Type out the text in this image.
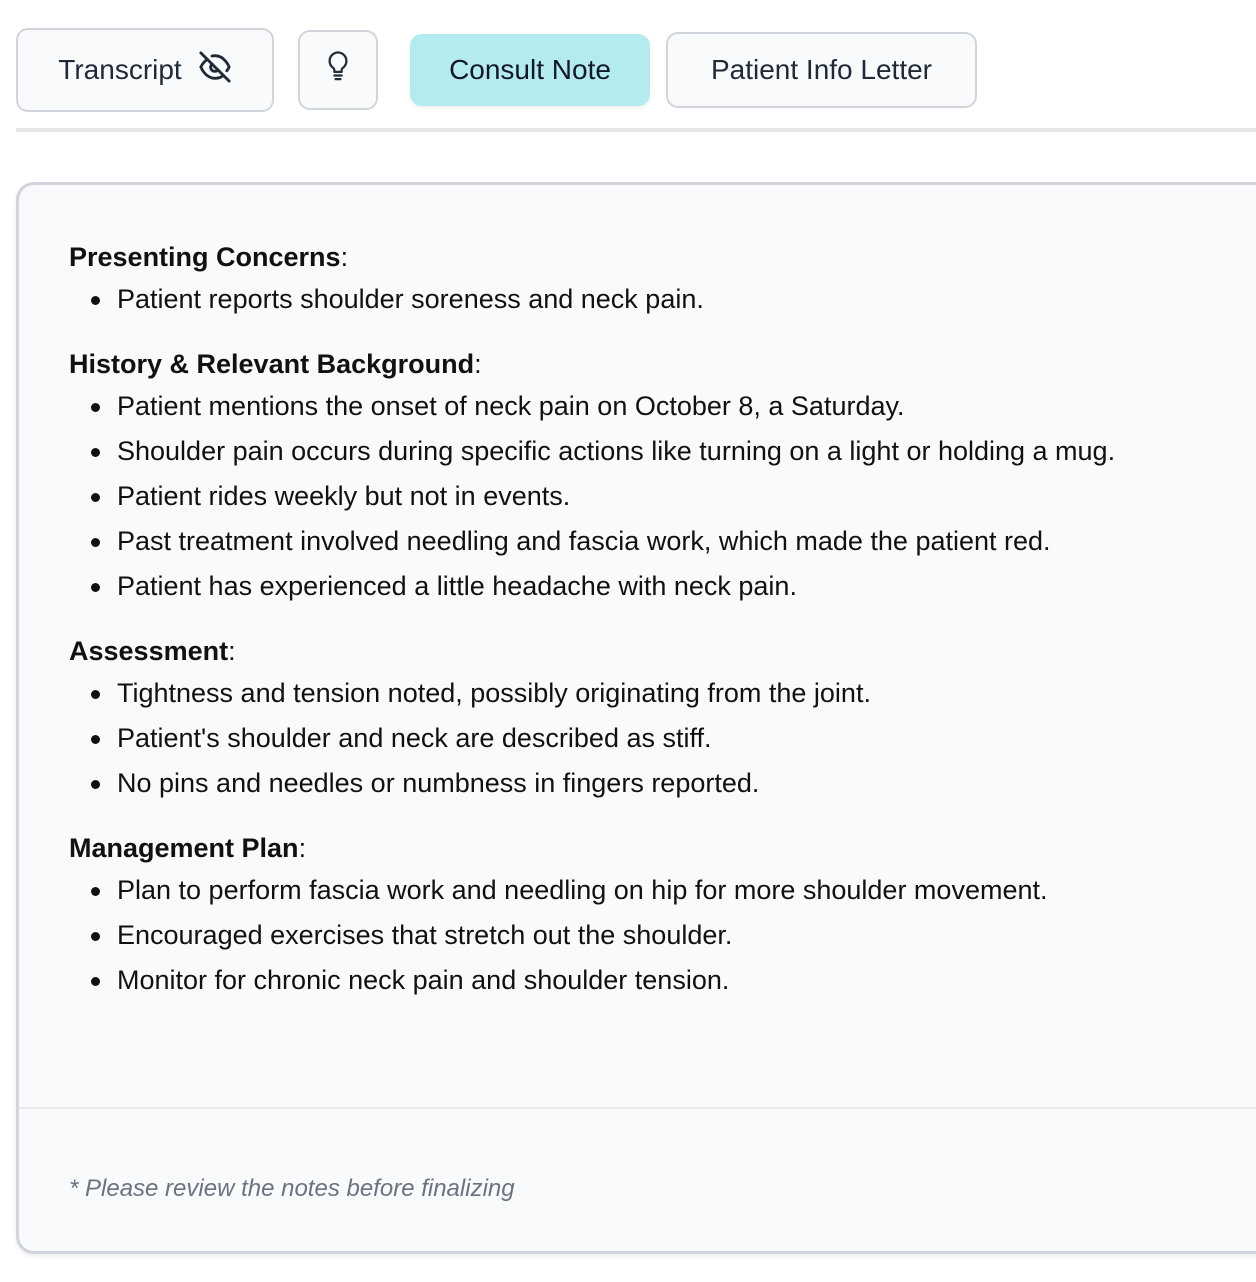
Transcript	Consult Note	Patient Info Letter

Presenting Concerns:

Patient reports shoulder soreness and neck pain.

History & Relevant Background:

Patient mentions the onset of neck pain on October 8, a Saturday.
Shoulder pain occurs during specific actions like turning on a light or holding a mug.
Patient rides weekly but not in events.
Past treatment involved needling and fascia work, which made the patient red.
Patient has experienced a little headache with neck pain.

Assessment:

Tightness and tension noted, possibly originating from the joint.
Patient's shoulder and neck are described as stiff.
No pins and needles or numbness in fingers reported.

Management Plan:

Plan to perform fascia work and needling on hip for more shoulder movement.
Encouraged exercises that stretch out the shoulder.
Monitor for chronic neck pain and shoulder tension.
* Please review the notes before finalizing
